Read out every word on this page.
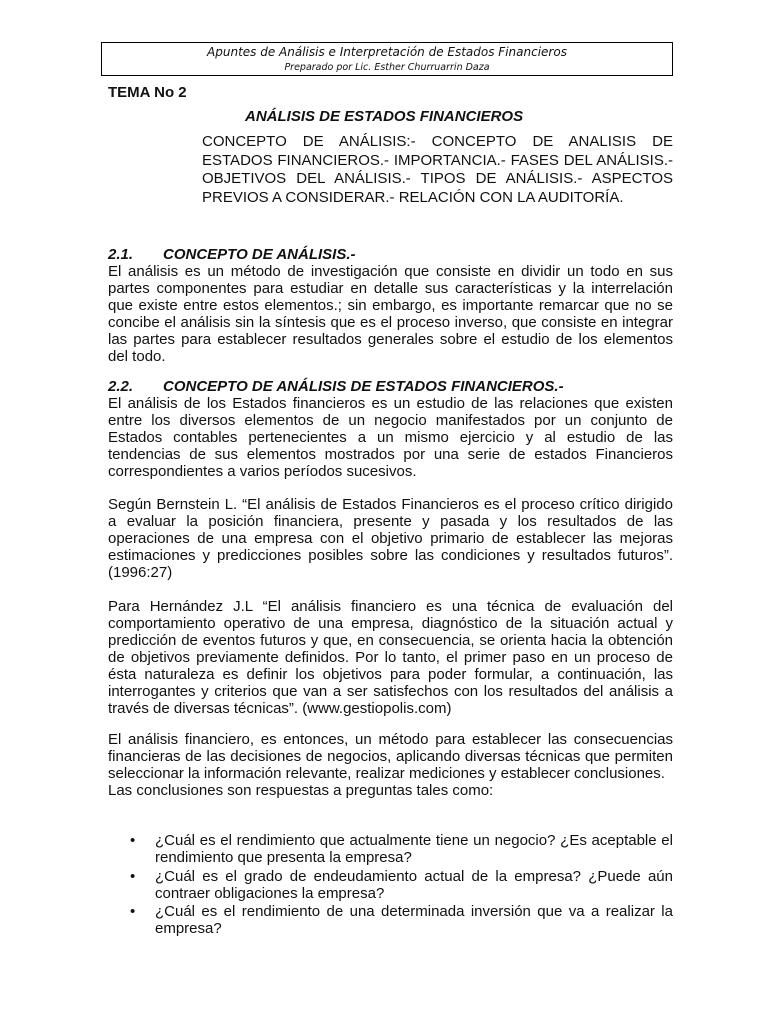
Apuntes de Análisis e Interpretación de Estados Financieros
Preparado por Lic. Esther Churruarrin Daza
TEMA No 2
ANÁLISIS DE ESTADOS FINANCIEROS
CONCEPTO DE ANÁLISIS:- CONCEPTO DE ANALISIS DE ESTADOS FINANCIEROS.- IMPORTANCIA.- FASES DEL ANÁLISIS.- OBJETIVOS DEL ANÁLISIS.- TIPOS DE ANÁLISIS.- ASPECTOS PREVIOS A CONSIDERAR.- RELACIÓN CON LA AUDITORÍA.
2.1. CONCEPTO DE ANÁLISIS.-

El análisis es un método de investigación que consiste en dividir un todo en sus partes componentes para estudiar en detalle sus características y la interrelación que existe entre estos elementos.; sin embargo, es importante remarcar que no se concibe el análisis sin la síntesis que es el proceso inverso, que consiste en integrar las partes para establecer resultados generales sobre el estudio de los elementos del todo.

2.2. CONCEPTO DE ANÁLISIS DE ESTADOS FINANCIEROS.-

El análisis de los Estados financieros es un estudio de las relaciones que existen entre los diversos elementos de un negocio manifestados por un conjunto de Estados contables pertenecientes a un mismo ejercicio y al estudio de las tendencias de sus elementos mostrados por una serie de estados Financieros correspondientes a varios períodos sucesivos.

Según Bernstein L. “El análisis de Estados Financieros es el proceso crítico dirigido a evaluar la posición financiera, presente y pasada y los resultados de las operaciones de una empresa con el objetivo primario de establecer las mejoras estimaciones y predicciones posibles sobre las condiciones y resultados futuros”. (1996:27)

Para Hernández J.L “El análisis financiero es una técnica de evaluación del comportamiento operativo de una empresa, diagnóstico de la situación actual y predicción de eventos futuros y que, en consecuencia, se orienta hacia la obtención de objetivos previamente definidos. Por lo tanto, el primer paso en un proceso de ésta naturaleza es definir los objetivos para poder formular, a continuación, las interrogantes y criterios que van a ser satisfechos con los resultados del análisis a través de diversas técnicas”. (www.gestiopolis.com)

El análisis financiero, es entonces, un método para establecer las consecuencias financieras de las decisiones de negocios, aplicando diversas técnicas que permiten seleccionar la información relevante, realizar mediciones y establecer conclusiones.

Las conclusiones son respuestas a preguntas tales como:

•	¿Cuál es el rendimiento que actualmente tiene un negocio? ¿Es aceptable el rendimiento que presenta la empresa?
•	¿Cuál es el grado de endeudamiento actual de la empresa? ¿Puede aún contraer obligaciones la empresa?
•	¿Cuál es el rendimiento de una determinada inversión que va a realizar la empresa?
